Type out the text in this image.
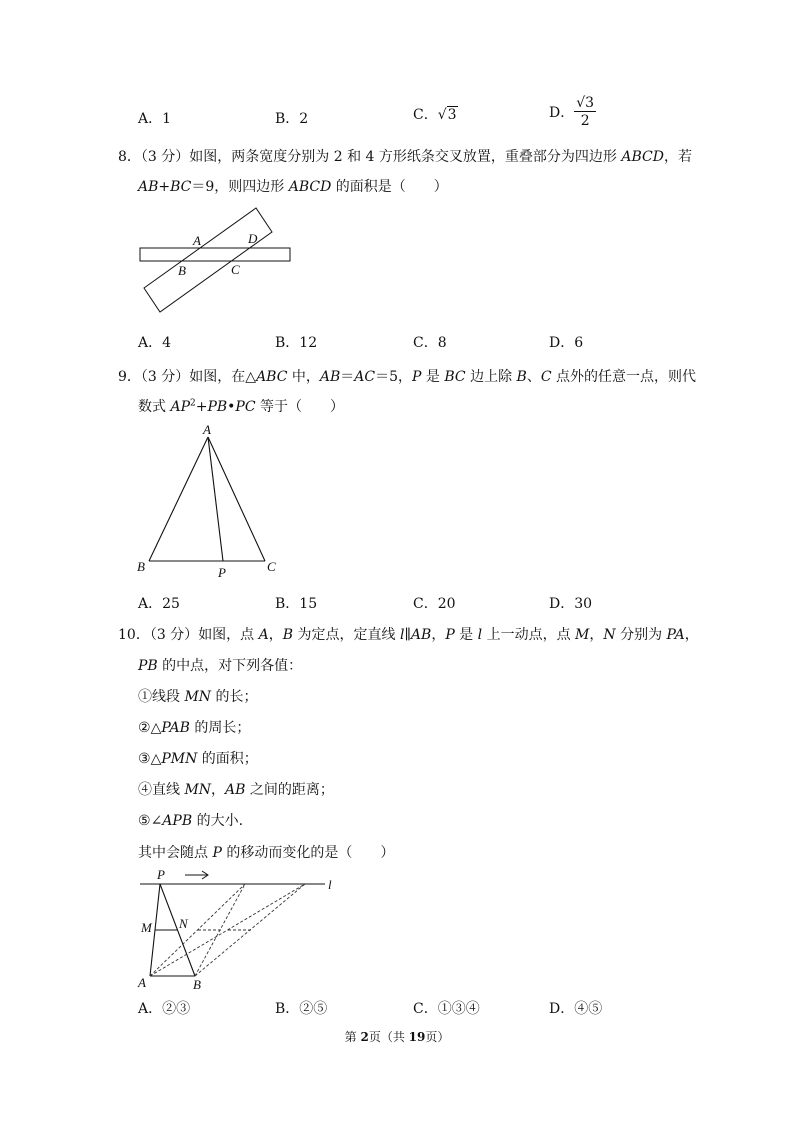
A．1	B．2	C．√3	D． $\frac{√3}{2}$
8．（3 分）如图，两条宽度分别为 2 和 4 方形纸条交叉放置，重叠部分为四边形 ABCD，若
AB+BC＝9，则四边形 ABCD 的面积是（　　）
A	D
B	C
A．4	B．12	C．8	D．6
9．（3 分）如图，在△ABC 中，AB＝AC＝5，P 是 BC 边上除 B、C 点外的任意一点，则代
数式 $AP^2+PB•PC$ 等于（　　）
A
B	P	C
A．25	B．15	C．20	D．30
10．（3 分）如图，点 A，B 为定点，定直线 l∥AB，P 是 l 上一动点，点 M，N 分别为 PA，
PB 的中点，对下列各值：
①线段 MN 的长；
②△PAB 的周长；
③△PMN 的面积；
④直线 MN，AB 之间的距离；
⑤∠APB 的大小.
其中会随点 P 的移动而变化的是（　　）
P
l
M N
A	B
A．②③	B．②⑤	C．①③④	D．④⑤
第 2页（共 19页）
